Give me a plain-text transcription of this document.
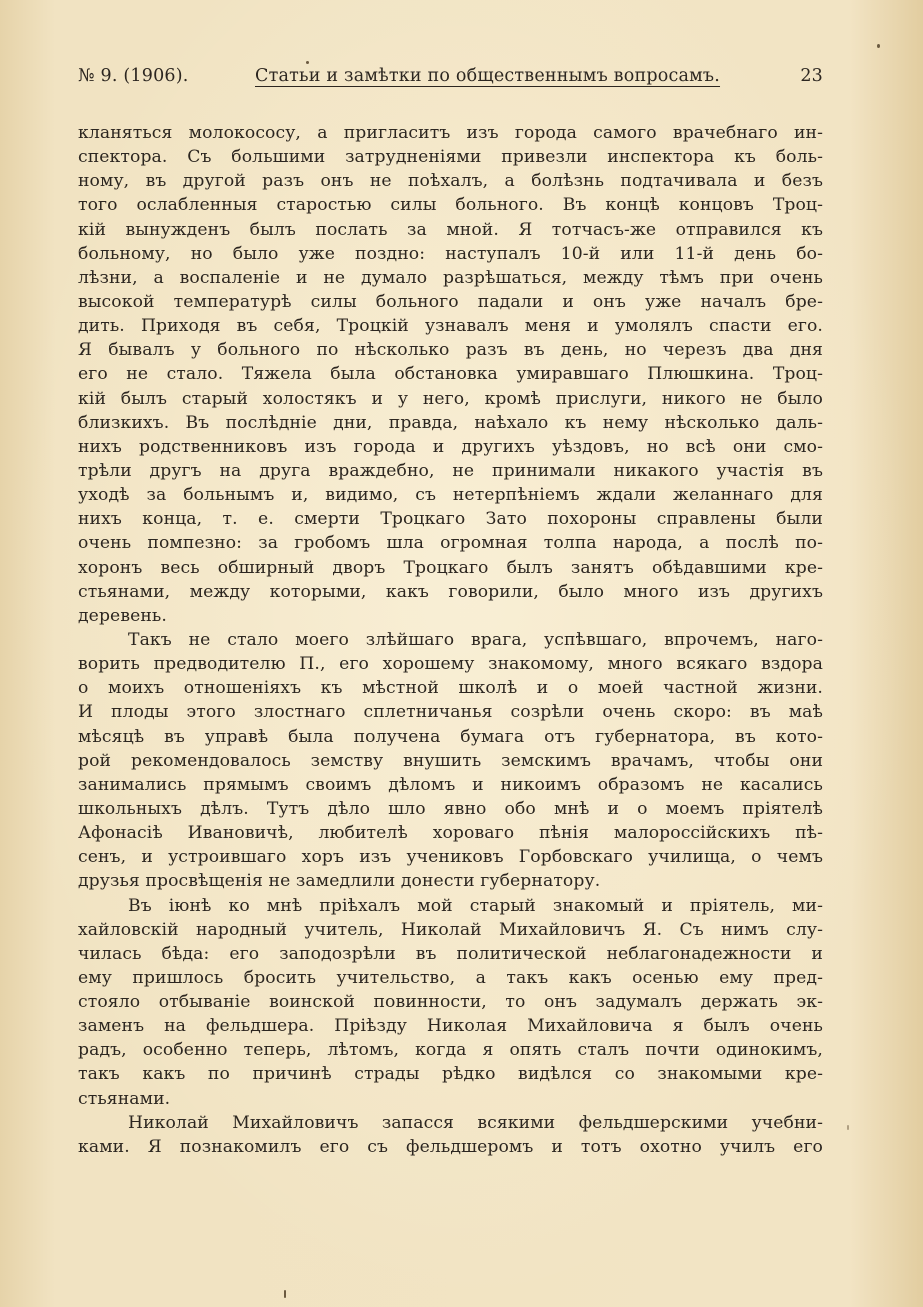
№ 9. (1906).	Статьи и замѣтки по общественнымъ вопросамъ.	23
кланяться молокососу, а пригласитъ изъ города самого врачебнаго ин-
спектора. Съ большими затрудненіями привезли инспектора къ боль-
ному, въ другой разъ онъ не поѣхалъ, а болѣзнь подтачивала и безъ
того ослабленныя старостью силы больного. Въ концѣ концовъ Троц-
кій вынужденъ былъ послать за мной. Я тотчасъ-же отправился къ
больному, но было уже поздно: наступалъ 10-й или 11-й день бо-
лѣзни, а воспаленіе и не думало разрѣшаться, между тѣмъ при очень
высокой температурѣ силы больного падали и онъ уже началъ бре-
дить. Приходя въ себя, Троцкій узнавалъ меня и умолялъ спасти его.
Я бывалъ у больного по нѣсколько разъ въ день, но черезъ два дня
его не стало. Тяжела была обстановка умиравшаго Плюшкина. Троц-
кій былъ старый холостякъ и у него, кромѣ прислуги, никого не было
близкихъ. Въ послѣдніе дни, правда, наѣхало къ нему нѣсколько даль-
нихъ родственниковъ изъ города и другихъ уѣздовъ, но всѣ они смо-
трѣли другъ на друга враждебно, не принимали никакого участія въ
уходѣ за больнымъ и, видимо, съ нетерпѣніемъ ждали желаннаго для
нихъ конца, т. е. смерти Троцкаго Зато похороны справлены были
очень помпезно: за гробомъ шла огромная толпа народа, а послѣ по-
хоронъ весь обширный дворъ Троцкаго былъ занятъ обѣдавшими кре-
стьянами, между которыми, какъ говорили, было много изъ другихъ
деревень.
Такъ не стало моего злѣйшаго врага, успѣвшаго, впрочемъ, наго-
ворить предводителю П., его хорошему знакомому, много всякаго вздора
о моихъ отношеніяхъ къ мѣстной школѣ и о моей частной жизни.
И плоды этого злостнаго сплетничанья созрѣли очень скоро: въ маѣ
мѣсяцѣ въ управѣ была получена бумага отъ губернатора, въ кото-
рой рекомендовалось земству внушить земскимъ врачамъ, чтобы они
занимались прямымъ своимъ дѣломъ и никоимъ образомъ не касались
школьныхъ дѣлъ. Тутъ дѣло шло явно обо мнѣ и о моемъ пріятелѣ
Афонасіѣ Ивановичѣ, любителѣ хороваго пѣнія малороссійскихъ пѣ-
сенъ, и устроившаго хоръ изъ учениковъ Горбовскаго училища, о чемъ
друзья просвѣщенія не замедлили донести губернатору.
Въ іюнѣ ко мнѣ пріѣхалъ мой старый знакомый и пріятель, ми-
хайловскій народный учитель, Николай Михайловичъ Я. Съ нимъ слу-
чилась бѣда: его заподозрѣли въ политической неблагонадежности и
ему пришлось бросить учительство, а такъ какъ осенью ему пред-
стояло отбываніе воинской повинности, то онъ задумалъ держать эк-
заменъ на фельдшера. Пріѣзду Николая Михайловича я былъ очень
радъ, особенно теперь, лѣтомъ, когда я опять сталъ почти одинокимъ,
такъ какъ по причинѣ страды рѣдко видѣлся со знакомыми кре-
стьянами.
Николай Михайловичъ запасся всякими фельдшерскими учебни-
ками. Я познакомилъ его съ фельдшеромъ и тотъ охотно училъ его
